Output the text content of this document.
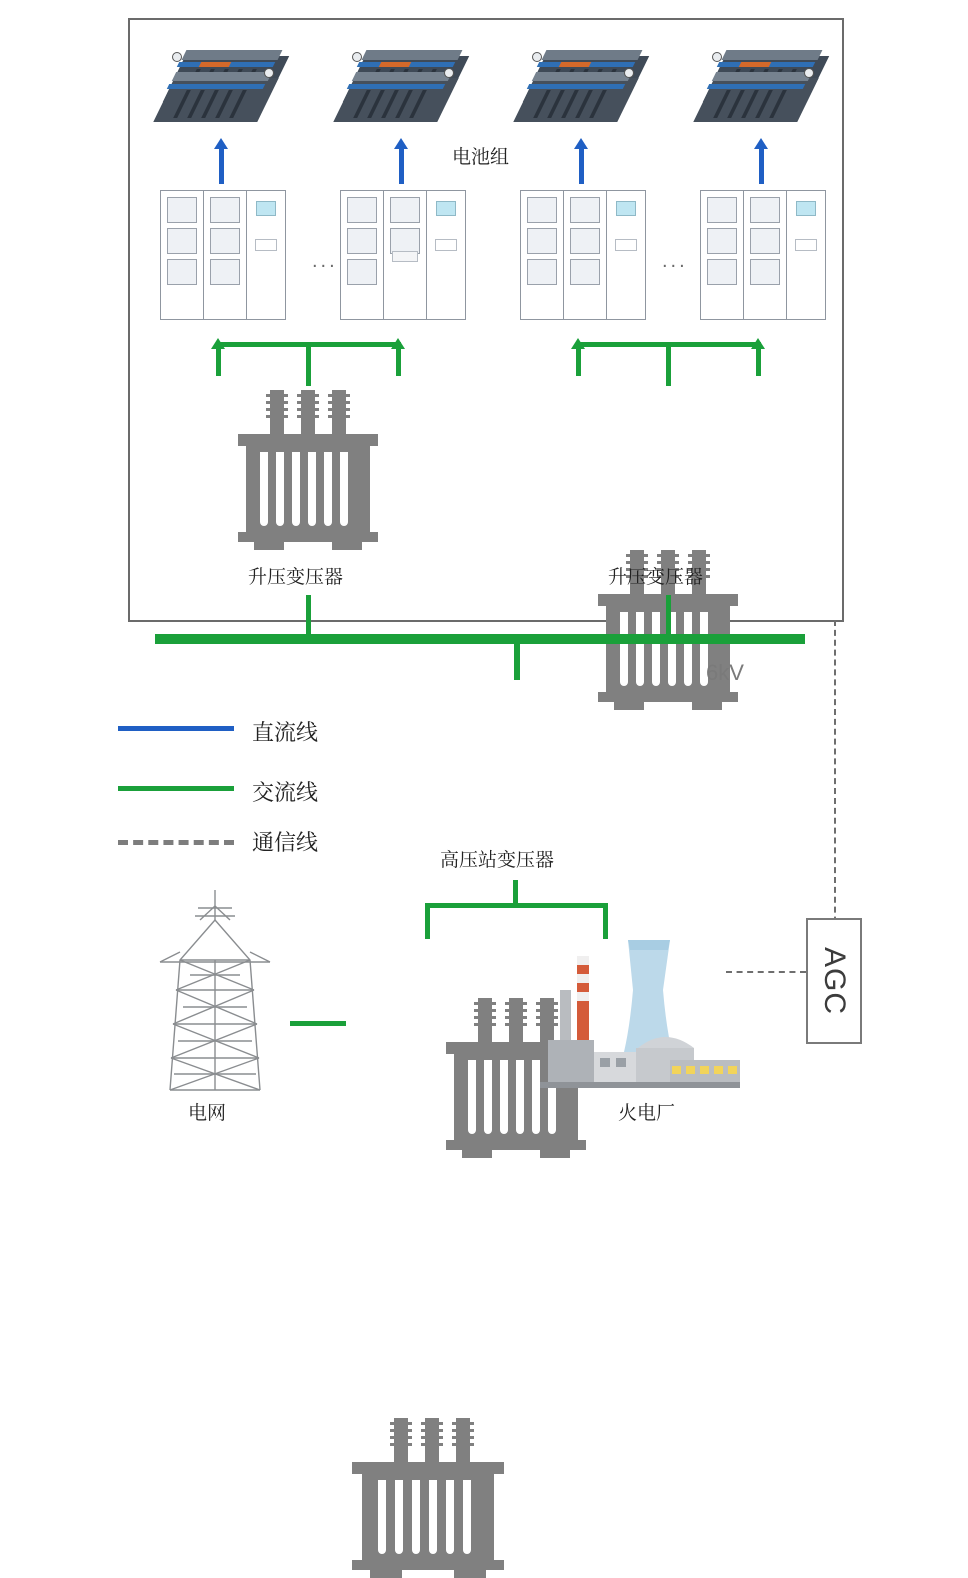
电池组
...	...
升压变压器	升压变压器
6kV
高压站变压器
电网	火电厂
AGC
直流线
交流线
通信线
